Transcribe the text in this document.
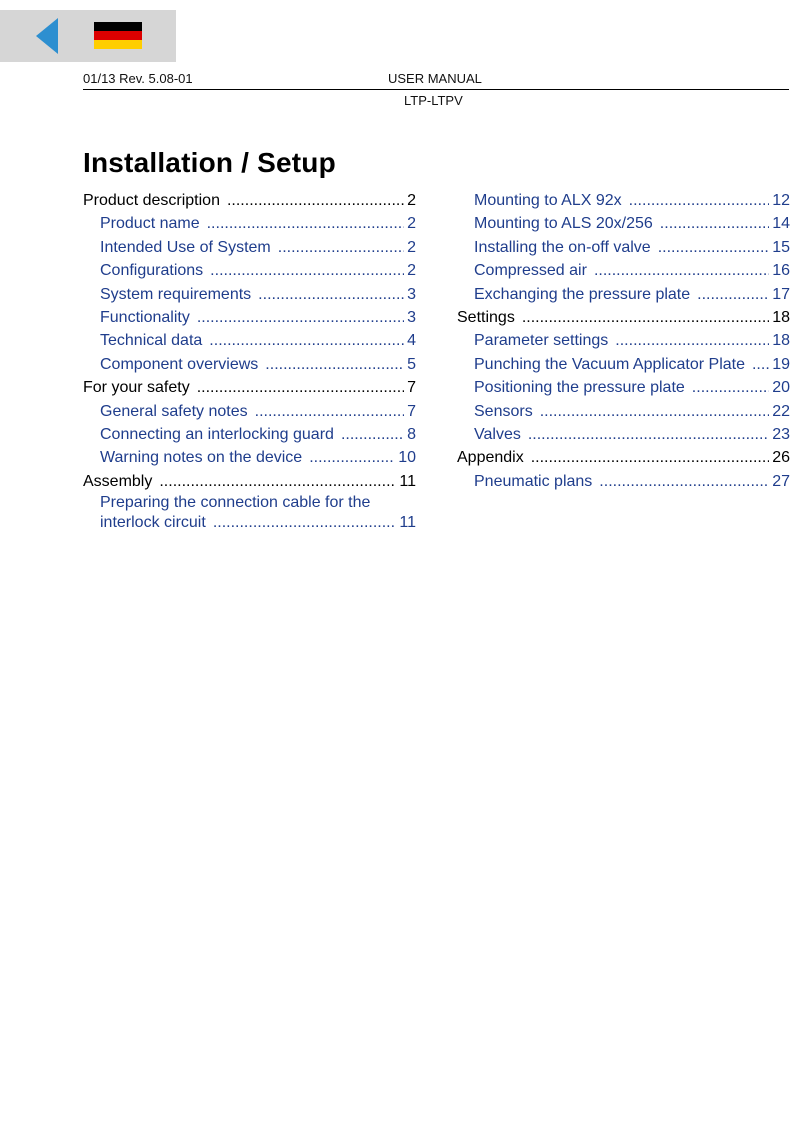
01/13 Rev. 5.08-01	USER MANUAL
LTP-LTPV
Installation / Setup
Product description .....	2
Product name .....	2
Intended Use of System .....	2
Configurations .....	2
System requirements .....	3
Functionality .....	3
Technical data .....	4
Component overviews .....	5
For your safety .....	7
General safety notes .....	7
Connecting an interlocking guard .....	8
Warning notes on the device .....	10
Assembly .....	11
Preparing the connection cable for the
interlock circuit .....	11
Mounting to ALX 92x .....	12
Mounting to ALS 20x/256 .....	14
Installing the on-off valve .....	15
Compressed air .....	16
Exchanging the pressure plate .....	17
Settings .....	18
Parameter settings .....	18
Punching the Vacuum Applicator Plate ..... 19
Positioning the pressure plate .....	20
Sensors .....	22
Valves .....	23
Appendix .....	26
Pneumatic plans .....	27
